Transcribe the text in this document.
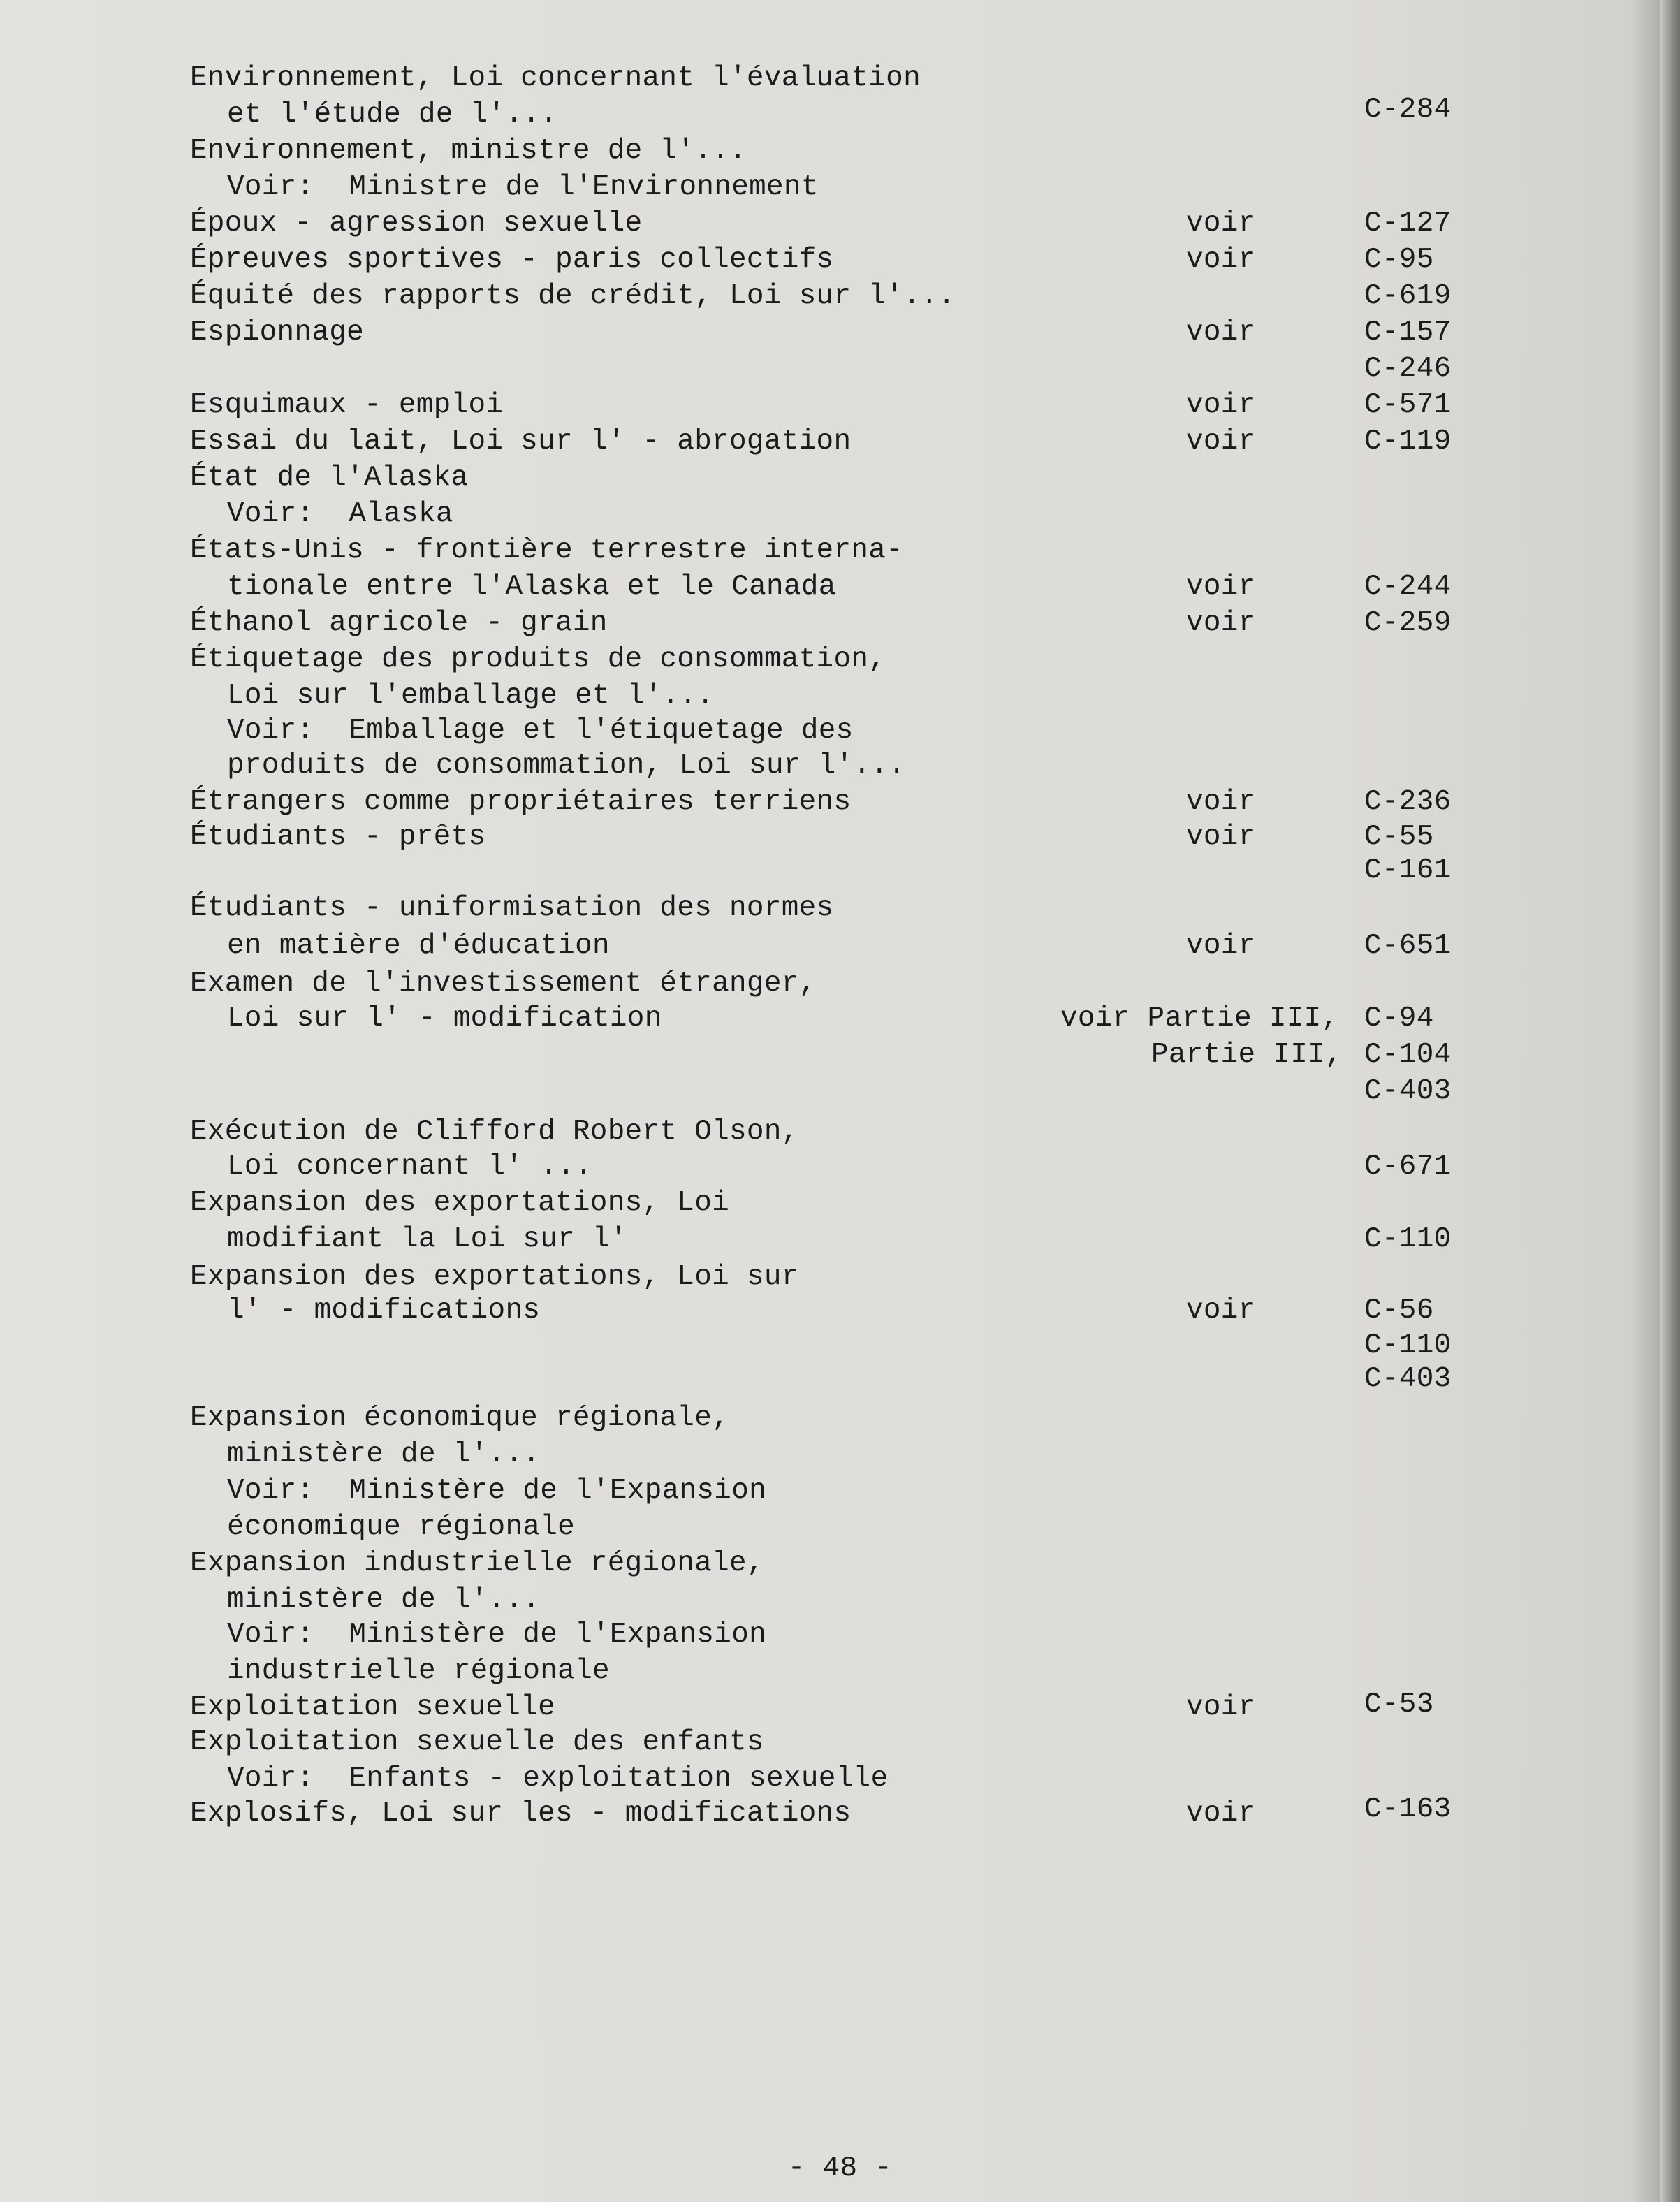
Environnement, Loi concernant l'évaluation
et l'étude de l'...	C-284
Environnement, ministre de l'...
Voir:  Ministre de l'Environnement
Époux - agression sexuelle	voir	C-127
Épreuves sportives - paris collectifs	voir	C-95
Équité des rapports de crédit, Loi sur l'...	C-619
Espionnage	voir	C-157
C-246
Esquimaux - emploi	voir	C-571
Essai du lait, Loi sur l' - abrogation	voir	C-119
État de l'Alaska
Voir:  Alaska
États-Unis - frontière terrestre interna-
tionale entre l'Alaska et le Canada	voir	C-244
Éthanol agricole - grain	voir	C-259
Étiquetage des produits de consommation,
Loi sur l'emballage et l'...
Voir:  Emballage et l'étiquetage des
produits de consommation, Loi sur l'...
Étrangers comme propriétaires terriens	voir	C-236
Étudiants - prêts	voir	C-55
C-161
Étudiants - uniformisation des normes
en matière d'éducation	voir	C-651
Examen de l'investissement étranger,
Loi sur l' - modification	voir Partie III, C-94
Partie III, C-104
C-403
Exécution de Clifford Robert Olson,
Loi concernant l' ...	C-671
Expansion des exportations, Loi
modifiant la Loi sur l'	C-110
Expansion des exportations, Loi sur
l' - modifications	voir	C-56
C-110
C-403
Expansion économique régionale,
ministère de l'...
Voir:  Ministère de l'Expansion
économique régionale
Expansion industrielle régionale,
ministère de l'...
Voir:  Ministère de l'Expansion
industrielle régionale
Exploitation sexuelle	voir	C-53
Exploitation sexuelle des enfants
Voir:  Enfants - exploitation sexuelle
Explosifs, Loi sur les - modifications	voir	C-163
- 48 -
